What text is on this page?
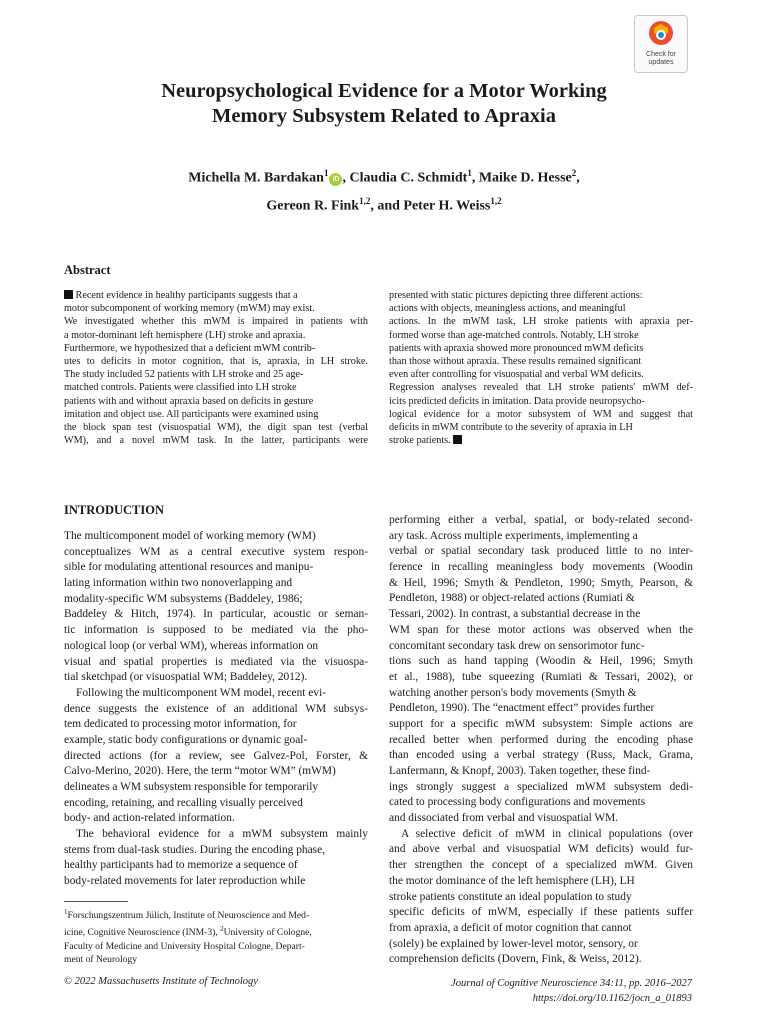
Check for
updates
Neuropsychological Evidence for a Motor Working
Memory Subsystem Related to Apraxia
Michella M. Bardakan$^1$iD , Claudia C. Schmidt$^1$, Maike D. Hesse$^2$,
Gereon R. Fink$^{1,2}$, and Peter H. Weiss$^{1,2}$
Abstract
Recent evidence in healthy participants suggests that a
motor subcomponent of working memory (mWM) may exist.
We investigated whether this mWM is impaired in patients with
a motor-dominant left hemisphere (LH) stroke and apraxia.
Furthermore, we hypothesized that a deficient mWM contrib-
utes to deficits in motor cognition, that is, apraxia, in LH stroke.
The study included 52 patients with LH stroke and 25 age-
matched controls. Patients were classified into LH stroke
patients with and without apraxia based on deficits in gesture
imitation and object use. All participants were examined using
the block span test (visuospatial WM), the digit span test (verbal
WM), and a novel mWM task. In the latter, participants were
presented with static pictures depicting three different actions:
actions with objects, meaningless actions, and meaningful
actions. In the mWM task, LH stroke patients with apraxia per-
formed worse than age-matched controls. Notably, LH stroke
patients with apraxia showed more pronounced mWM deficits
than those without apraxia. These results remained significant
even after controlling for visuospatial and verbal WM deficits.
Regression analyses revealed that LH stroke patients' mWM def-
icits predicted deficits in imitation. Data provide neuropsycho-
logical evidence for a motor subsystem of WM and suggest that
deficits in mWM contribute to the severity of apraxia in LH
stroke patients.
INTRODUCTION
The multicomponent model of working memory (WM)
conceptualizes WM as a central executive system respon-
sible for modulating attentional resources and manipu-
lating information within two nonoverlapping and
modality-specific WM subsystems (Baddeley, 1986;
Baddeley & Hitch, 1974). In particular, acoustic or seman-
tic information is supposed to be mediated via the pho-
nological loop (or verbal WM), whereas information on
visual and spatial properties is mediated via the visuospa-
tial sketchpad (or visuospatial WM; Baddeley, 2012).
Following the multicomponent WM model, recent evi-
dence suggests the existence of an additional WM subsys-
tem dedicated to processing motor information, for
example, static body configurations or dynamic goal-
directed actions (for a review, see Galvez-Pol, Forster, &
Calvo-Merino, 2020). Here, the term “motor WM” (mWM)
delineates a WM subsystem responsible for temporarily
encoding, retaining, and recalling visually perceived
body- and action-related information.
The behavioral evidence for a mWM subsystem mainly
stems from dual-task studies. During the encoding phase,
healthy participants had to memorize a sequence of
body-related movements for later reproduction while
performing either a verbal, spatial, or body-related second-
ary task. Across multiple experiments, implementing a
verbal or spatial secondary task produced little to no inter-
ference in recalling meaningless body movements (Woodin
& Heil, 1996; Smyth & Pendleton, 1990; Smyth, Pearson, &
Pendleton, 1988) or object-related actions (Rumiati &
Tessari, 2002). In contrast, a substantial decrease in the
WM span for these motor actions was observed when the
concomitant secondary task drew on sensorimotor func-
tions such as hand tapping (Woodin & Heil, 1996; Smyth
et al., 1988), tube squeezing (Rumiati & Tessari, 2002), or
watching another person's body movements (Smyth &
Pendleton, 1990). The “enactment effect” provides further
support for a specific mWM subsystem: Simple actions are
recalled better when performed during the encoding phase
than encoded using a verbal strategy (Russ, Mack, Grama,
Lanfermann, & Knopf, 2003). Taken together, these find-
ings strongly suggest a specialized mWM subsystem dedi-
cated to processing body configurations and movements
and dissociated from verbal and visuospatial WM.
A selective deficit of mWM in clinical populations (over
and above verbal and visuospatial WM deficits) would fur-
ther strengthen the concept of a specialized mWM. Given
the motor dominance of the left hemisphere (LH), LH
stroke patients constitute an ideal population to study
specific deficits of mWM, especially if these patients suffer
from apraxia, a deficit of motor cognition that cannot
(solely) be explained by lower-level motor, sensory, or
comprehension deficits (Dovern, Fink, & Weiss, 2012).
$^1$Forschungszentrum Jülich, Institute of Neuroscience and Med-
icine, Cognitive Neuroscience (INM-3), $^2$University of Cologne,
Faculty of Medicine and University Hospital Cologne, Depart-
ment of Neurology
© 2022 Massachusetts Institute of Technology	Journal of Cognitive Neuroscience 34:11, pp. 2016–2027
https://doi.org/10.1162/jocn_a_01893
